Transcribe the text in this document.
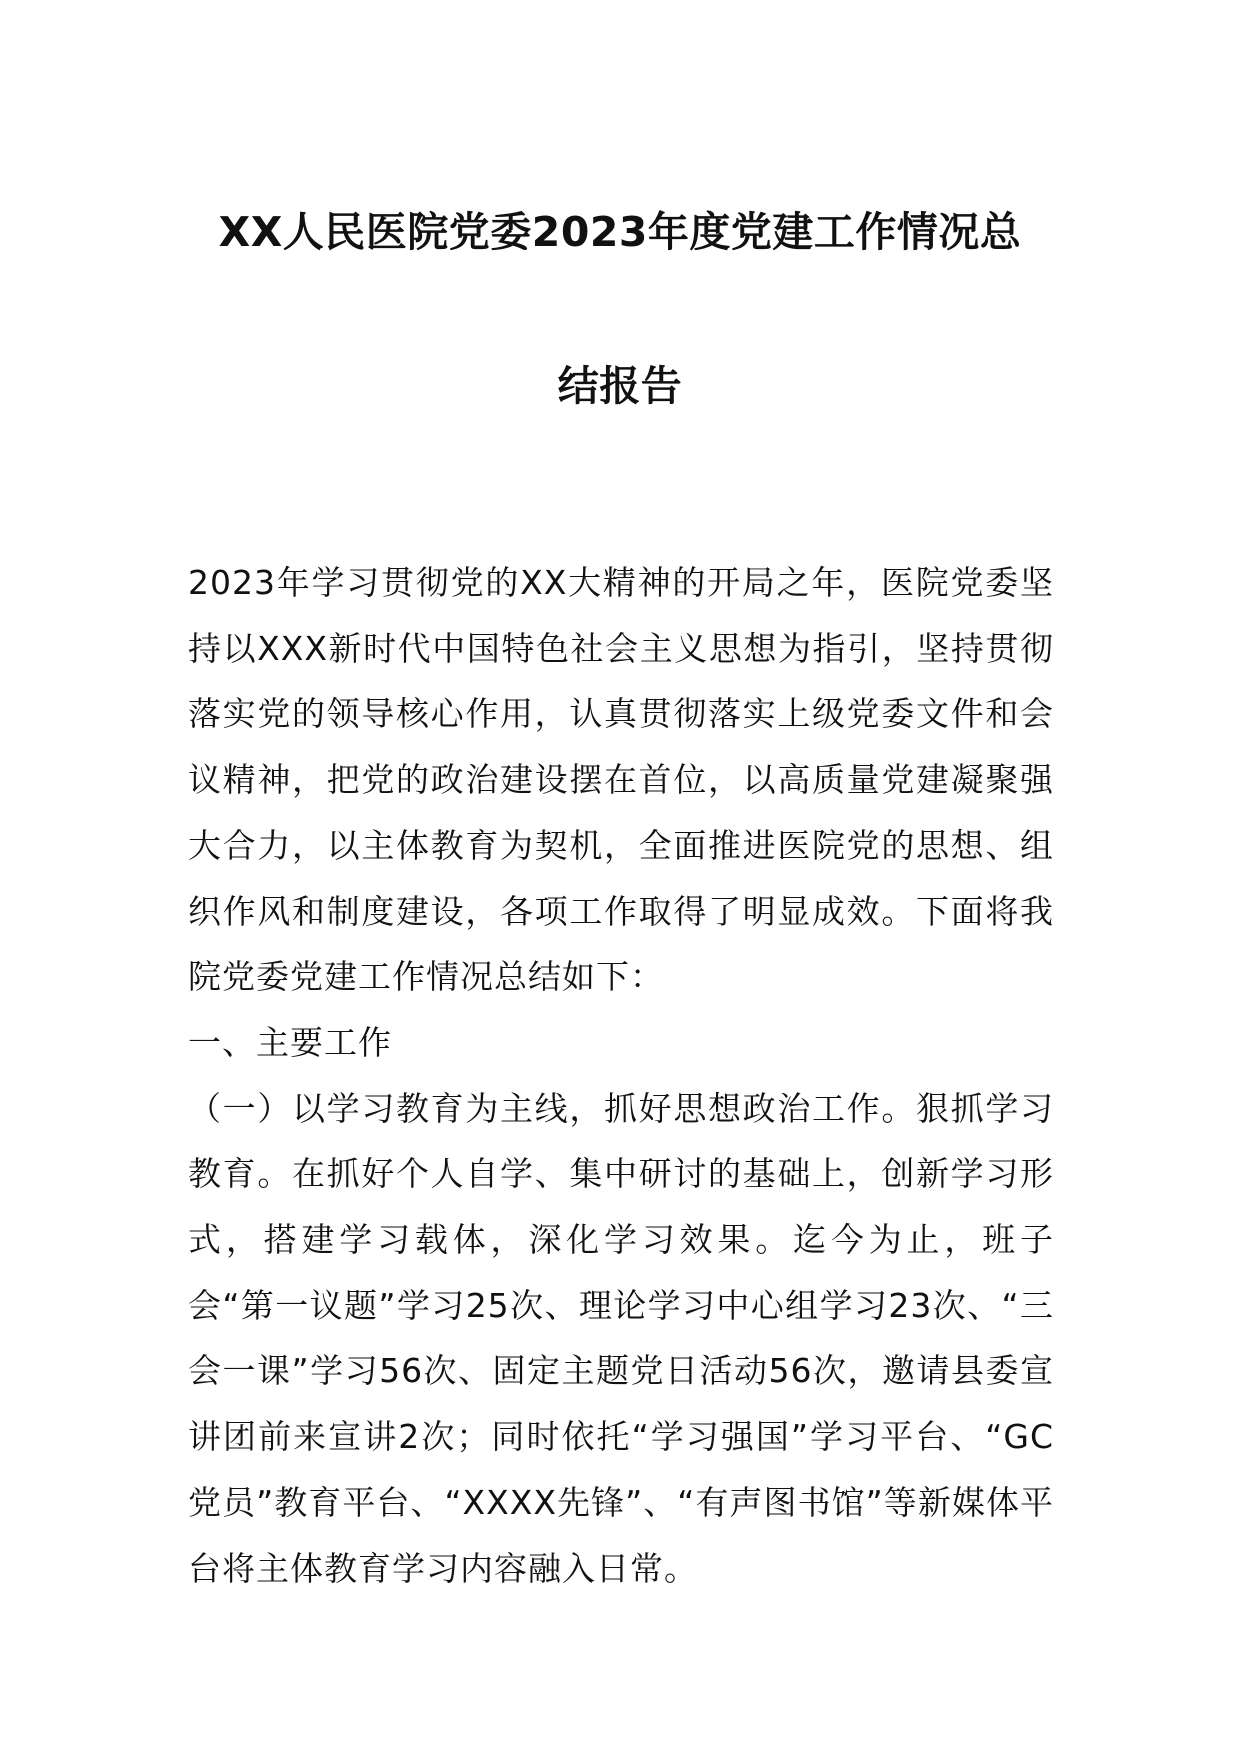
XX人民医院党委2023年度党建工作情况总
结报告

2023年学习贯彻党的XX大精神的开局之年，医院党委坚持以XXX新时代中国特色社会主义思想为指引，坚持贯彻落实党的领导核心作用，认真贯彻落实上级党委文件和会议精神，把党的政治建设摆在首位，以高质量党建凝聚强大合力，以主体教育为契机，全面推进医院党的思想、组织作风和制度建设，各项工作取得了明显成效。下面将我院党委党建工作情况总结如下：

一、主要工作

（一）以学习教育为主线，抓好思想政治工作。狠抓学习教育。在抓好个人自学、集中研讨的基础上，创新学习形式，搭建学习载体，深化学习效果。迄今为止，班子会“第一议题”学习25次、理论学习中心组学习23次、“三会一课”学习56次、固定主题党日活动56次，邀请县委宣讲团前来宣讲2次；同时依托“学习强国”学习平台、“GC党员”教育平台、“XXXX先锋”、“有声图书馆”等新媒体平台将主体教育学习内容融入日常。
